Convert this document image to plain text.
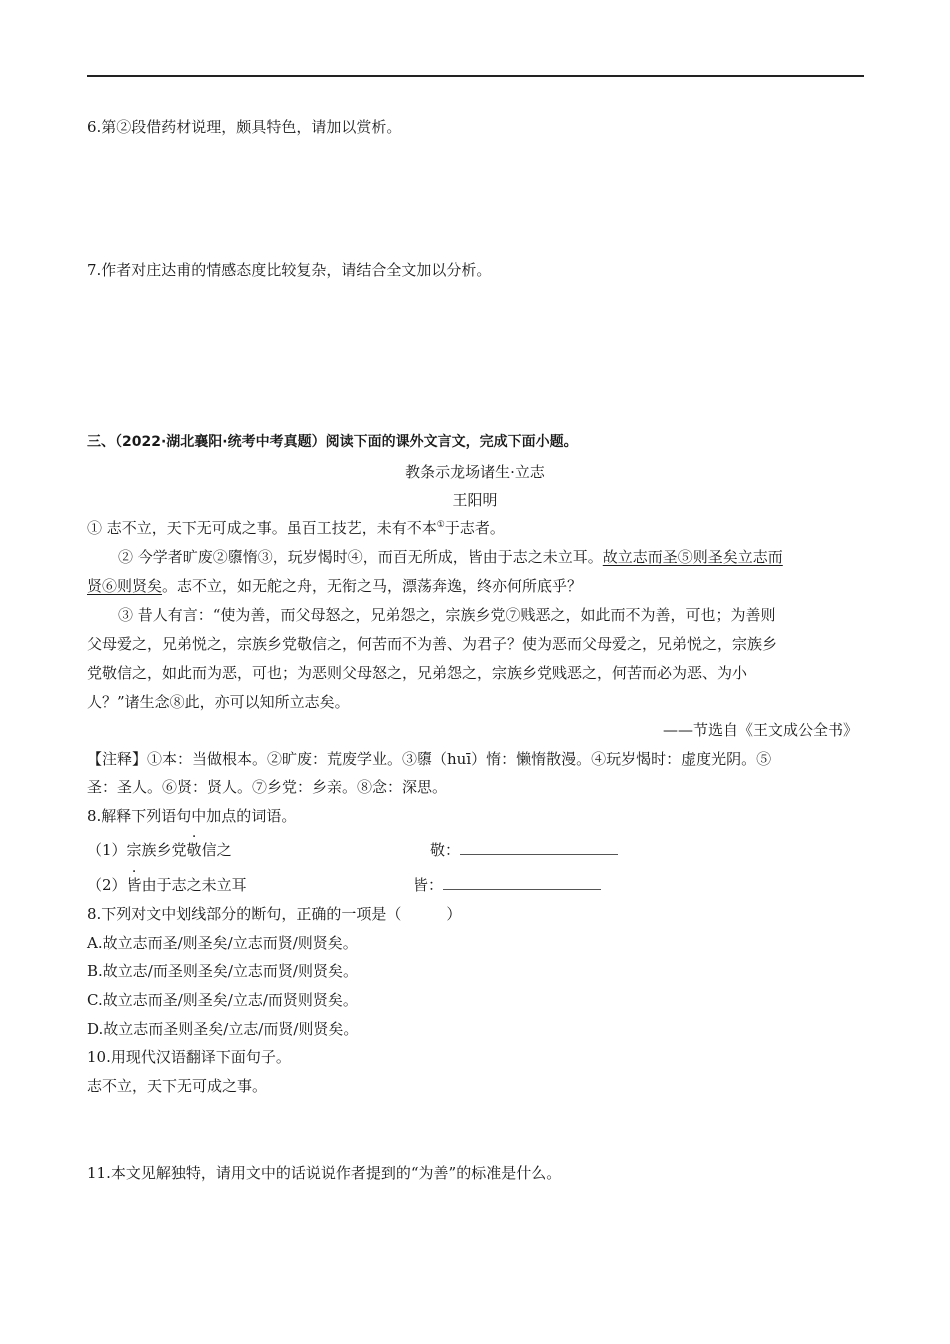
6.第②段借药材说理，颇具特色，请加以赏析。
7.作者对庄达甫的情感态度比较复杂，请结合全文加以分析。
三、（2022·湖北襄阳·统考中考真题）阅读下面的课外文言文，完成下面小题。
教条示龙场诸生·立志
王阳明
① 志不立，天下无可成之事。虽百工技艺，未有不本①于志者。
② 今学者旷废②隳惰③，玩岁愒时④，而百无所成，皆由于志之未立耳。故立志而圣⑤则圣矣立志而
贤⑥则贤矣。志不立，如无舵之舟，无衔之马，漂荡奔逸，终亦何所底乎？
③ 昔人有言：“使为善，而父母怒之，兄弟怨之，宗族乡党⑦贱恶之，如此而不为善，可也；为善则
父母爱之，兄弟悦之，宗族乡党敬信之，何苦而不为善、为君子？使为恶而父母爱之，兄弟悦之，宗族乡
党敬信之，如此而为恶，可也；为恶则父母怒之，兄弟怨之，宗族乡党贱恶之，何苦而必为恶、为小
人？”诸生念⑧此，亦可以知所立志矣。
——节选自《王文成公全书》
【注释】①本：当做根本。②旷废：荒废学业。③隳（huī）惰：懒惰散漫。④玩岁愒时：虚度光阴。⑤
圣：圣人。⑥贤：贤人。⑦乡党：乡亲。⑧念：深思。
8.解释下列语句中加点的词语。
（1）宗族乡党敬信之	敬：
（2）皆由于志之未立耳	皆：
8.下列对文中划线部分的断句，正确的一项是（　　　）
A.故立志而圣/则圣矣/立志而贤/则贤矣。
B.故立志/而圣则圣矣/立志而贤/则贤矣。
C.故立志而圣/则圣矣/立志/而贤则贤矣。
D.故立志而圣则圣矣/立志/而贤/则贤矣。
10.用现代汉语翻译下面句子。
志不立，天下无可成之事。
11.本文见解独特，请用文中的话说说作者提到的“为善”的标准是什么。
